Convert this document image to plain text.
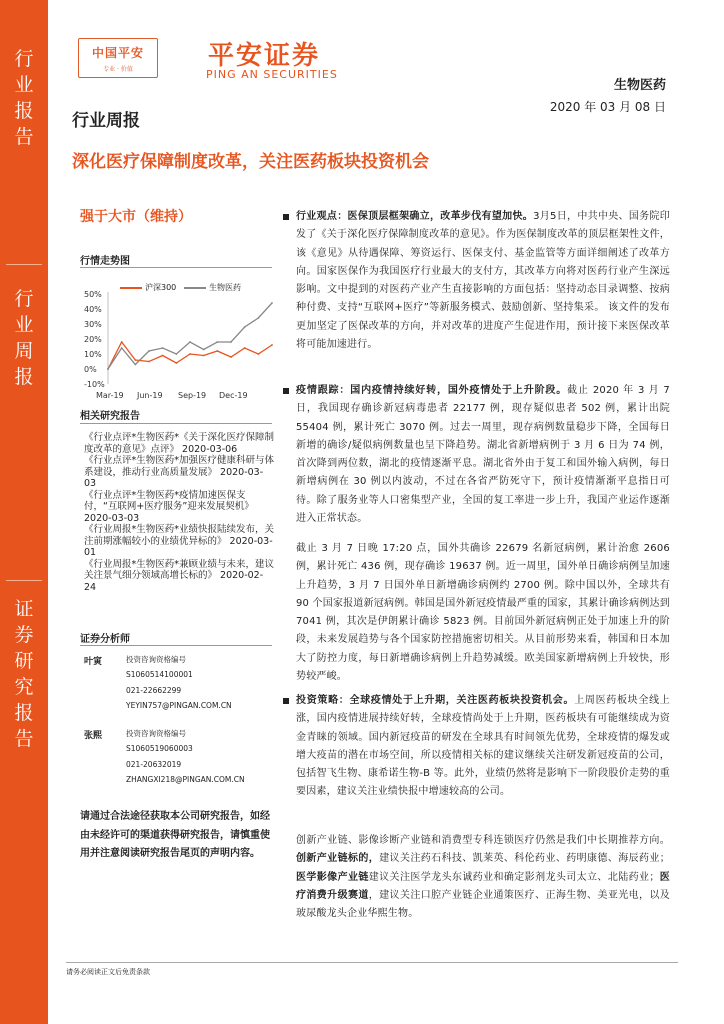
行
业
报
告
行
业
周
报
证
券
研
究
报
告
中国平安
专业 · 价值	平安证券
PING AN SECURITIES
生物医药
2020 年 03 月 08 日
行业周报
深化医疗保障制度改革，关注医药板块投资机会
强于大市（维持）
行情走势图
沪深300	生物医药
50%
40%
30%
20%
10%
0%
-10%
Mar-19 Jun-19 Sep-19 Dec-19
相关研究报告
《行业点评*生物医药*《关于深化医疗保障制度改革的意见》点评》 2020-03-06
《行业点评*生物医药*加强医疗健康科研与体系建设，推动行业高质量发展》 2020-03-03
《行业点评*生物医药*疫情加速医保支付，“互联网+医疗服务”迎来发展契机》 2020-03-03
《行业周报*生物医药*业绩快报陆续发布，关注前期涨幅较小的业绩优异标的》 2020-03-01
《行业周报*生物医药*兼顾业绩与未来，建议关注景气细分领域高增长标的》 2020-02-24
证券分析师
叶寅	投资咨询资格编号
S1060514100001
021-22662299
YEYIN757@PINGAN.COM.CN
张熙	投资咨询资格编号
S1060519060003
021-20632019
ZHANGXI218@PINGAN.COM.CN
请通过合法途径获取本公司研究报告，如经由未经许可的渠道获得研究报告，请慎重使用并注意阅读研究报告尾页的声明内容。
行业观点：医保顶层框架确立，改革步伐有望加快。3月5日，中共中央、国务院印发了《关于深化医疗保障制度改革的意见》。作为医保制度改革的顶层框架性文件，该《意见》从待遇保障、筹资运行、医保支付、基金监管等方面详细阐述了改革方向。国家医保作为我国医疗行业最大的支付方，其改革方向将对医药行业产生深远影响。文中提到的对医药产业产生直接影响的方面包括：坚持动态目录调整、按病种付费、支持“互联网+医疗”等新服务模式、鼓励创新、坚持集采。 该文件的发布更加坚定了医保改革的方向，并对改革的进度产生促进作用，预计接下来医保改革将可能加速进行。
疫情跟踪：国内疫情持续好转，国外疫情处于上升阶段。截止 2020 年 3 月 7 日，我国现存确诊新冠病毒患者 22177 例，现存疑似患者 502 例，累计出院 55404 例，累计死亡 3070 例。过去一周里，现存病例数量稳步下降，全国每日新增的确诊/疑似病例数量也呈下降趋势。湖北省新增病例于 3 月 6 日为 74 例，首次降到两位数，湖北的疫情逐渐平息。湖北省外由于复工和国外输入病例，每日新增病例在 30 例以内波动，不过在各省严防死守下，预计疫情渐渐平息指日可待。除了服务业等人口密集型产业，全国的复工率进一步上升，我国产业运作逐渐进入正常状态。
截止 3 月 7 日晚 17:20 点，国外共确诊 22679 名新冠病例，累计治愈 2606 例，累计死亡 436 例，现存确诊 19637 例。近一周里，国外单日确诊病例呈加速上升趋势，3 月 7 日国外单日新增确诊病例约 2700 例。除中国以外，全球共有 90 个国家报道新冠病例。韩国是国外新冠疫情最严重的国家，其累计确诊病例达到 7041 例，其次是伊朗累计确诊 5823 例。目前国外新冠病例正处于加速上升的阶段，未来发展趋势与各个国家防控措施密切相关。从目前形势来看，韩国和日本加大了防控力度，每日新增确诊病例上升趋势减缓。欧美国家新增病例上升较快，形势较严峻。
投资策略：全球疫情处于上升期，关注医药板块投资机会。上周医药板块全线上涨，国内疫情进展持续好转，全球疫情尚处于上升期，医药板块有可能继续成为资金青睐的领域。国内新冠疫苗的研发在全球具有时间领先优势，全球疫情的爆发或增大疫苗的潜在市场空间，所以疫情相关标的建议继续关注研发新冠疫苗的公司，包括智飞生物、康希诺生物-B 等。此外，业绩仍然将是影响下一阶段股价走势的重要因素，建议关注业绩快报中增速较高的公司。
创新产业链、影像诊断产业链和消费型专科连锁医疗仍然是我们中长期推荐方向。创新产业链标的，建议关注药石科技、凯莱英、科伦药业、药明康德、海辰药业；医学影像产业链建议关注医学龙头东诚药业和确定影剂龙头司太立、北陆药业；医疗消费升级赛道，建议关注口腔产业链企业通策医疗、正海生物、美亚光电，以及玻尿酸龙头企业华熙生物。
请务必阅读正文后免责条款
